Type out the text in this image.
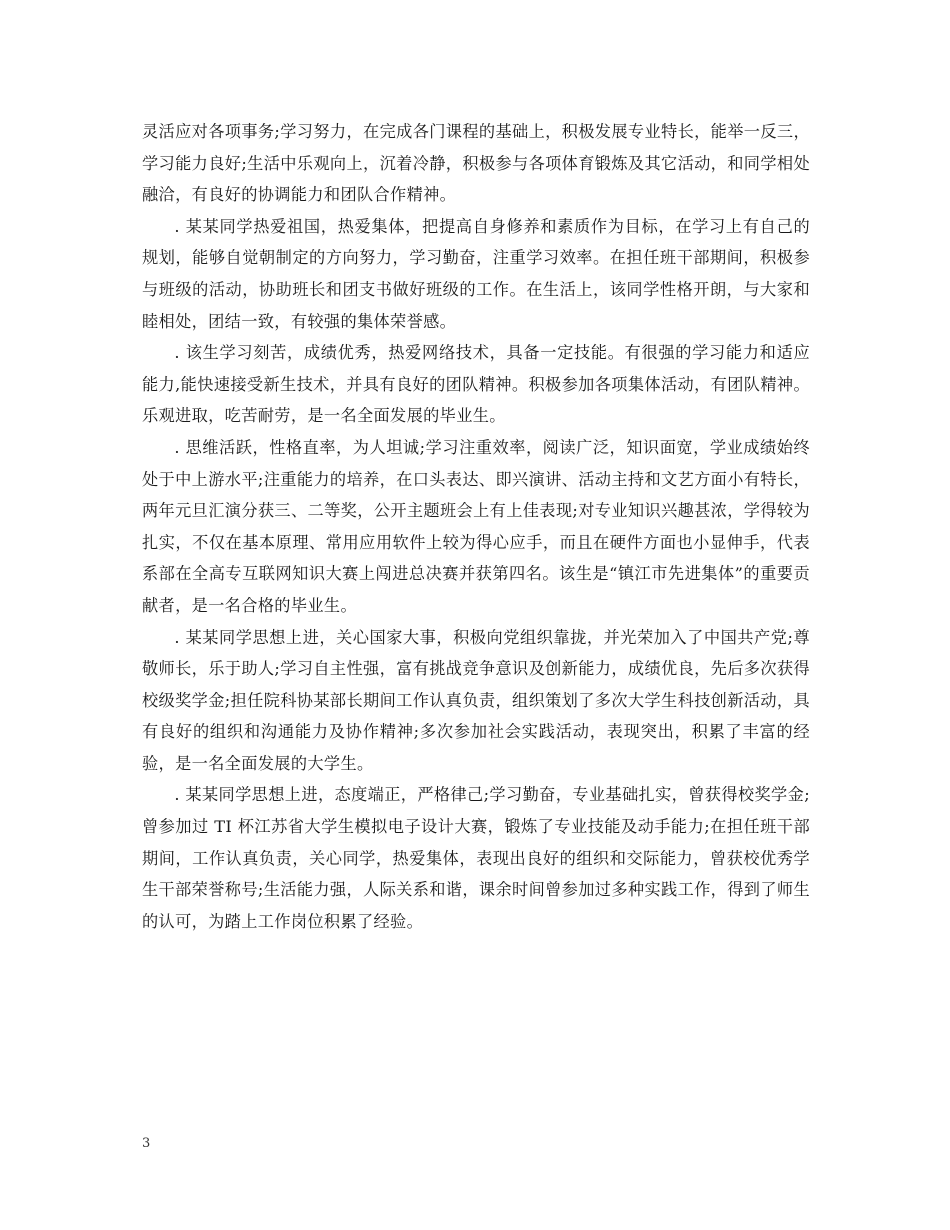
灵活应对各项事务;学习努力，在完成各门课程的基础上，积极发展专业特长，能举一反三，学习能力良好;生活中乐观向上，沉着冷静，积极参与各项体育锻炼及其它活动，和同学相处融洽，有良好的协调能力和团队合作精神。

. 某某同学热爱祖国，热爱集体，把提高自身修养和素质作为目标，在学习上有自己的规划，能够自觉朝制定的方向努力，学习勤奋，注重学习效率。在担任班干部期间，积极参与班级的活动，协助班长和团支书做好班级的工作。在生活上，该同学性格开朗，与大家和睦相处，团结一致，有较强的集体荣誉感。

. 该生学习刻苦，成绩优秀，热爱网络技术，具备一定技能。有很强的学习能力和适应能力,能快速接受新生技术，并具有良好的团队精神。积极参加各项集体活动，有团队精神。乐观进取，吃苦耐劳，是一名全面发展的毕业生。

. 思维活跃，性格直率，为人坦诚;学习注重效率，阅读广泛，知识面宽，学业成绩始终处于中上游水平;注重能力的培养，在口头表达、即兴演讲、活动主持和文艺方面小有特长，两年元旦汇演分获三、二等奖，公开主题班会上有上佳表现;对专业知识兴趣甚浓，学得较为扎实，不仅在基本原理、常用应用软件上较为得心应手，而且在硬件方面也小显伸手，代表系部在全高专互联网知识大赛上闯进总决赛并获第四名。该生是“镇江市先进集体”的重要贡献者，是一名合格的毕业生。

. 某某同学思想上进，关心国家大事，积极向党组织靠拢，并光荣加入了中国共产党;尊敬师长，乐于助人;学习自主性强，富有挑战竞争意识及创新能力，成绩优良，先后多次获得校级奖学金;担任院科协某部长期间工作认真负责，组织策划了多次大学生科技创新活动，具有良好的组织和沟通能力及协作精神;多次参加社会实践活动，表现突出，积累了丰富的经验，是一名全面发展的大学生。

. 某某同学思想上进，态度端正，严格律己;学习勤奋，专业基础扎实，曾获得校奖学金;曾参加过 TI 杯江苏省大学生模拟电子设计大赛，锻炼了专业技能及动手能力;在担任班干部期间，工作认真负责，关心同学，热爱集体，表现出良好的组织和交际能力，曾获校优秀学生干部荣誉称号;生活能力强，人际关系和谐，课余时间曾参加过多种实践工作，得到了师生的认可，为踏上工作岗位积累了经验。

3
